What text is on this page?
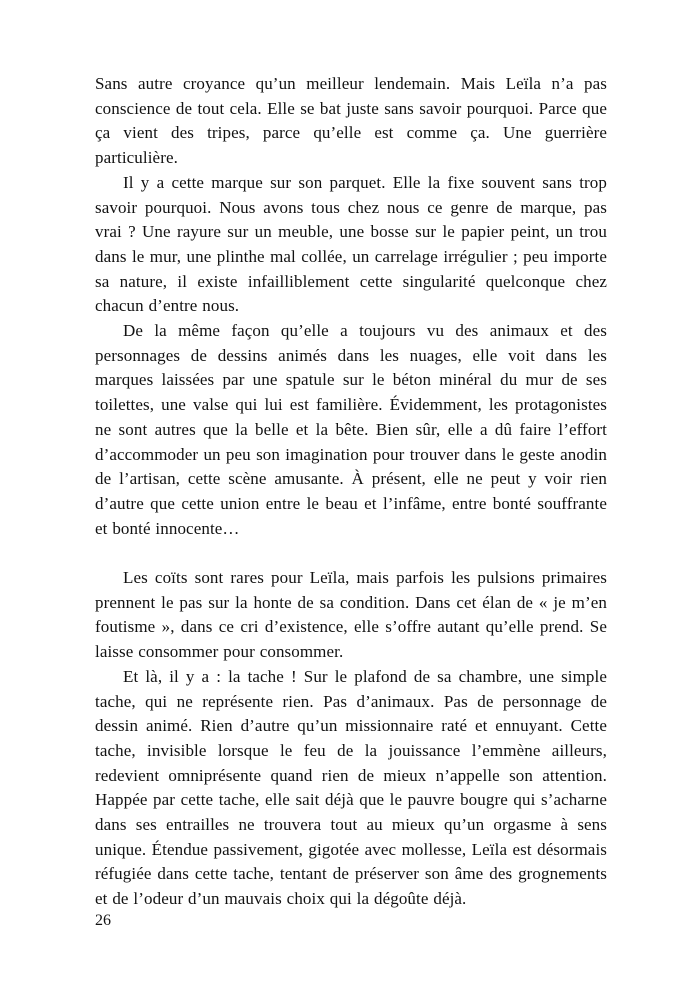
Sans autre croyance qu’un meilleur lendemain. Mais Leïla n’a pas conscience de tout cela. Elle se bat juste sans savoir pourquoi. Parce que ça vient des tripes, parce qu’elle est comme ça. Une guerrière particulière.

Il y a cette marque sur son parquet. Elle la fixe souvent sans trop savoir pourquoi. Nous avons tous chez nous ce genre de marque, pas vrai ? Une rayure sur un meuble, une bosse sur le papier peint, un trou dans le mur, une plinthe mal collée, un carrelage irrégulier ; peu importe sa nature, il existe infailliblement cette singularité quelconque chez chacun d’entre nous.

De la même façon qu’elle a toujours vu des animaux et des personnages de dessins animés dans les nuages, elle voit dans les marques laissées par une spatule sur le béton minéral du mur de ses toilettes, une valse qui lui est familière. Évidemment, les protagonistes ne sont autres que la belle et la bête. Bien sûr, elle a dû faire l’effort d’accommoder un peu son imagination pour trouver dans le geste anodin de l’artisan, cette scène amusante. À présent, elle ne peut y voir rien d’autre que cette union entre le beau et l’infâme, entre bonté souffrante et bonté innocente…

Les coïts sont rares pour Leïla, mais parfois les pulsions primaires prennent le pas sur la honte de sa condition. Dans cet élan de « je m’en foutisme », dans ce cri d’existence, elle s’offre autant qu’elle prend. Se laisse consommer pour consommer.

Et là, il y a : la tache ! Sur le plafond de sa chambre, une simple tache, qui ne représente rien. Pas d’animaux. Pas de personnage de dessin animé. Rien d’autre qu’un missionnaire raté et ennuyant. Cette tache, invisible lorsque le feu de la jouissance l’emmène ailleurs, redevient omniprésente quand rien de mieux n’appelle son attention. Happée par cette tache, elle sait déjà que le pauvre bougre qui s’acharne dans ses entrailles ne trouvera tout au mieux qu’un orgasme à sens unique. Étendue passivement, gigotée avec mollesse, Leïla est désormais réfugiée dans cette tache, tentant de préserver son âme des grognements et de l’odeur d’un mauvais choix qui la dégoûte déjà.

26
